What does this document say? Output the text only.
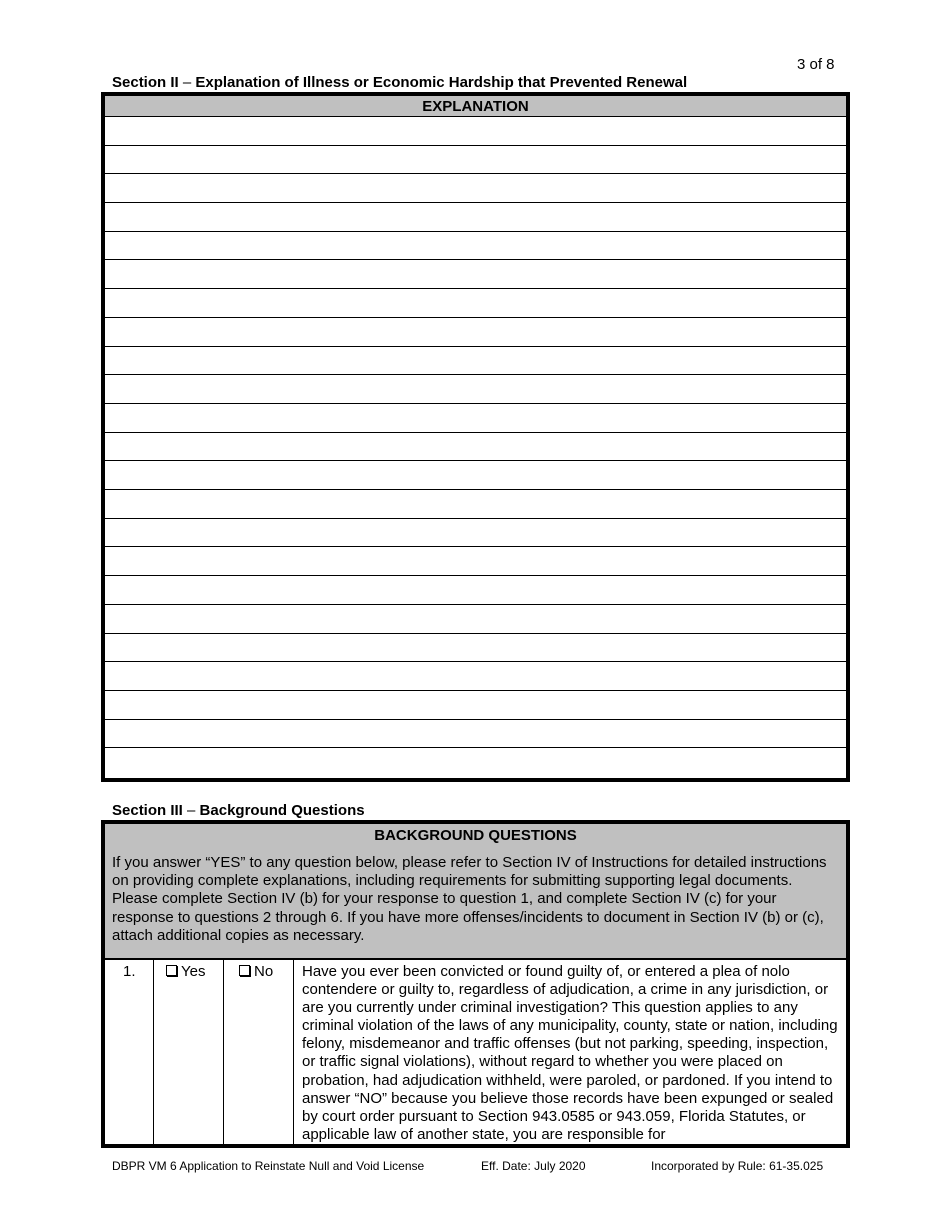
3 of 8
Section II – Explanation of Illness or Economic Hardship that Prevented Renewal
EXPLANATION
Section III – Background Questions
BACKGROUND QUESTIONS
If you answer “YES” to any question below, please refer to Section IV of Instructions for detailed instructions on providing complete explanations, including requirements for submitting supporting legal documents. Please complete Section IV (b) for your response to question 1, and complete Section IV (c) for your response to questions 2 through 6. If you have more offenses/incidents to document in Section IV (b) or (c), attach additional copies as necessary.
1.	Yes	No	Have you ever been convicted or found guilty of, or entered a plea of nolo contendere or guilty to, regardless of adjudication, a crime in any jurisdiction, or are you currently under criminal investigation? This question applies to any criminal violation of the laws of any municipality, county, state or nation, including felony, misdemeanor and traffic offenses (but not parking, speeding, inspection, or traffic signal violations), without regard to whether you were placed on probation, had adjudication withheld, were paroled, or pardoned. If you intend to answer “NO” because you believe those records have been expunged or sealed by court order pursuant to Section 943.0585 or 943.059, Florida Statutes, or applicable law of another state, you are responsible for
DBPR VM 6 Application to Reinstate Null and Void License	Eff. Date: July 2020	Incorporated by Rule: 61-35.025
